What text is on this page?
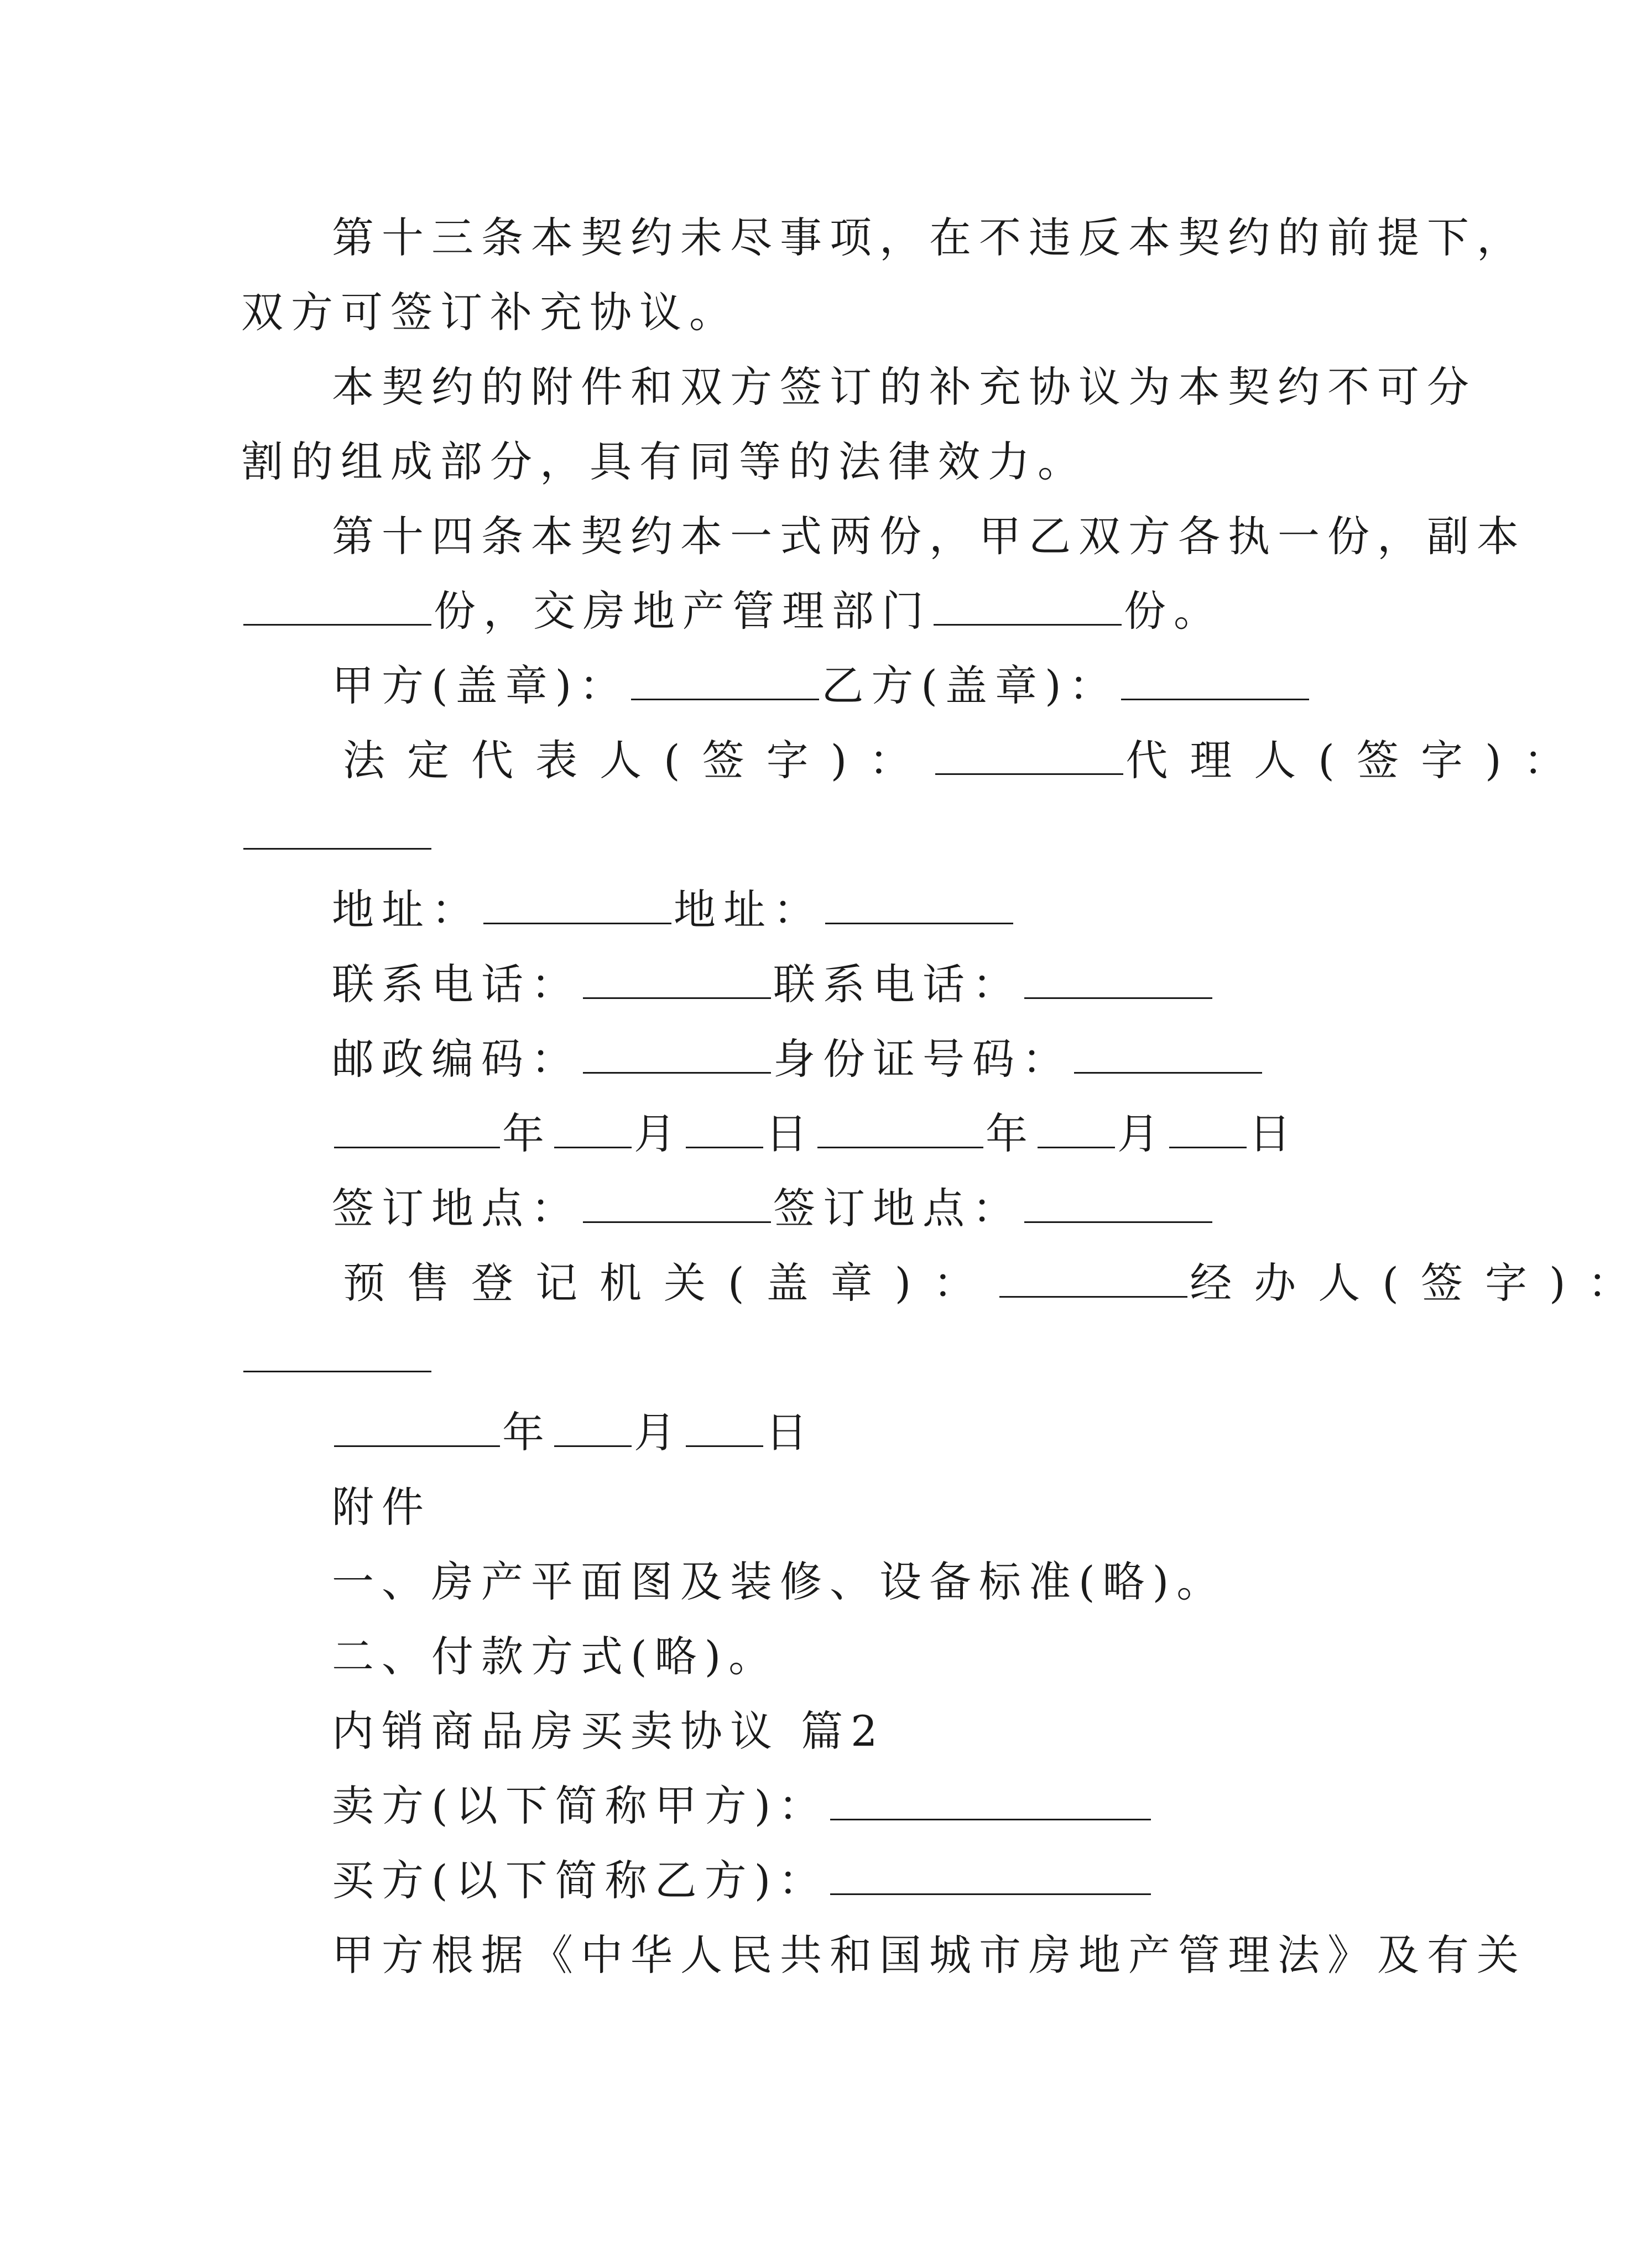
第十三条本契约未尽事项，在不违反本契约的前提下，
双方可签订补充协议。
本契约的附件和双方签订的补充协议为本契约不可分
割的组成部分，具有同等的法律效力。
第十四条本契约本一式两份，甲乙双方各执一份，副本
份，交房地产管理部门	份。
甲方(盖章)：	乙方(盖章)：
法定代表人(签字)：	代理人(签字)：
地址：	地址：
联系电话：	联系电话：
邮政编码：	身份证号码：
年 月 日	年 月 日
签订地点：	签订地点：
预售登记机关(盖章)：	经办人(签字)：
年 月 日
附件
一、房产平面图及装修、设备标准(略)。
二、付款方式(略)。
内销商品房买卖协议 篇2
卖方(以下简称甲方)：
买方(以下简称乙方)：
甲方根据《中华人民共和国城市房地产管理法》及有关
